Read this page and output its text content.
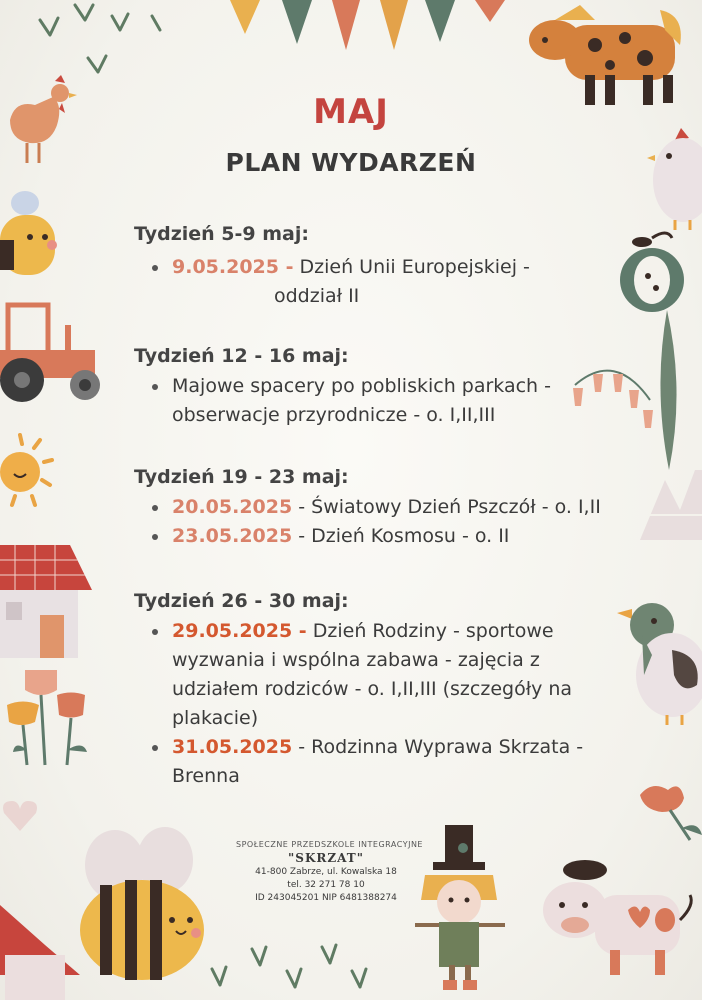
MAJ
PLAN WYDARZEŃ
Tydzień 5-9 maj:
9.05.2025 - Dzień Unii Europejskiej -
oddział II
Tydzień 12 - 16 maj:
Majowe spacery po pobliskich parkach -
obserwacje przyrodnicze - o. I,II,III
Tydzień 19 - 23 maj:
20.05.2025 - Światowy Dzień Pszczół - o. I,II
23.05.2025 - Dzień Kosmosu - o. II
Tydzień 26 - 30 maj:
29.05.2025 - Dzień Rodziny - sportowe
wyzwania i wspólna zabawa - zajęcia z
udziałem rodziców - o. I,II,III (szczegóły na
plakacie)
31.05.2025 - Rodzinna Wyprawa Skrzata -
Brenna
SPOŁECZNE PRZEDSZKOLE INTEGRACYJNE
"SKRZAT"
41-800 Zabrze, ul. Kowalska 18
tel. 32 271 78 10
ID 243045201 NIP 6481388274
